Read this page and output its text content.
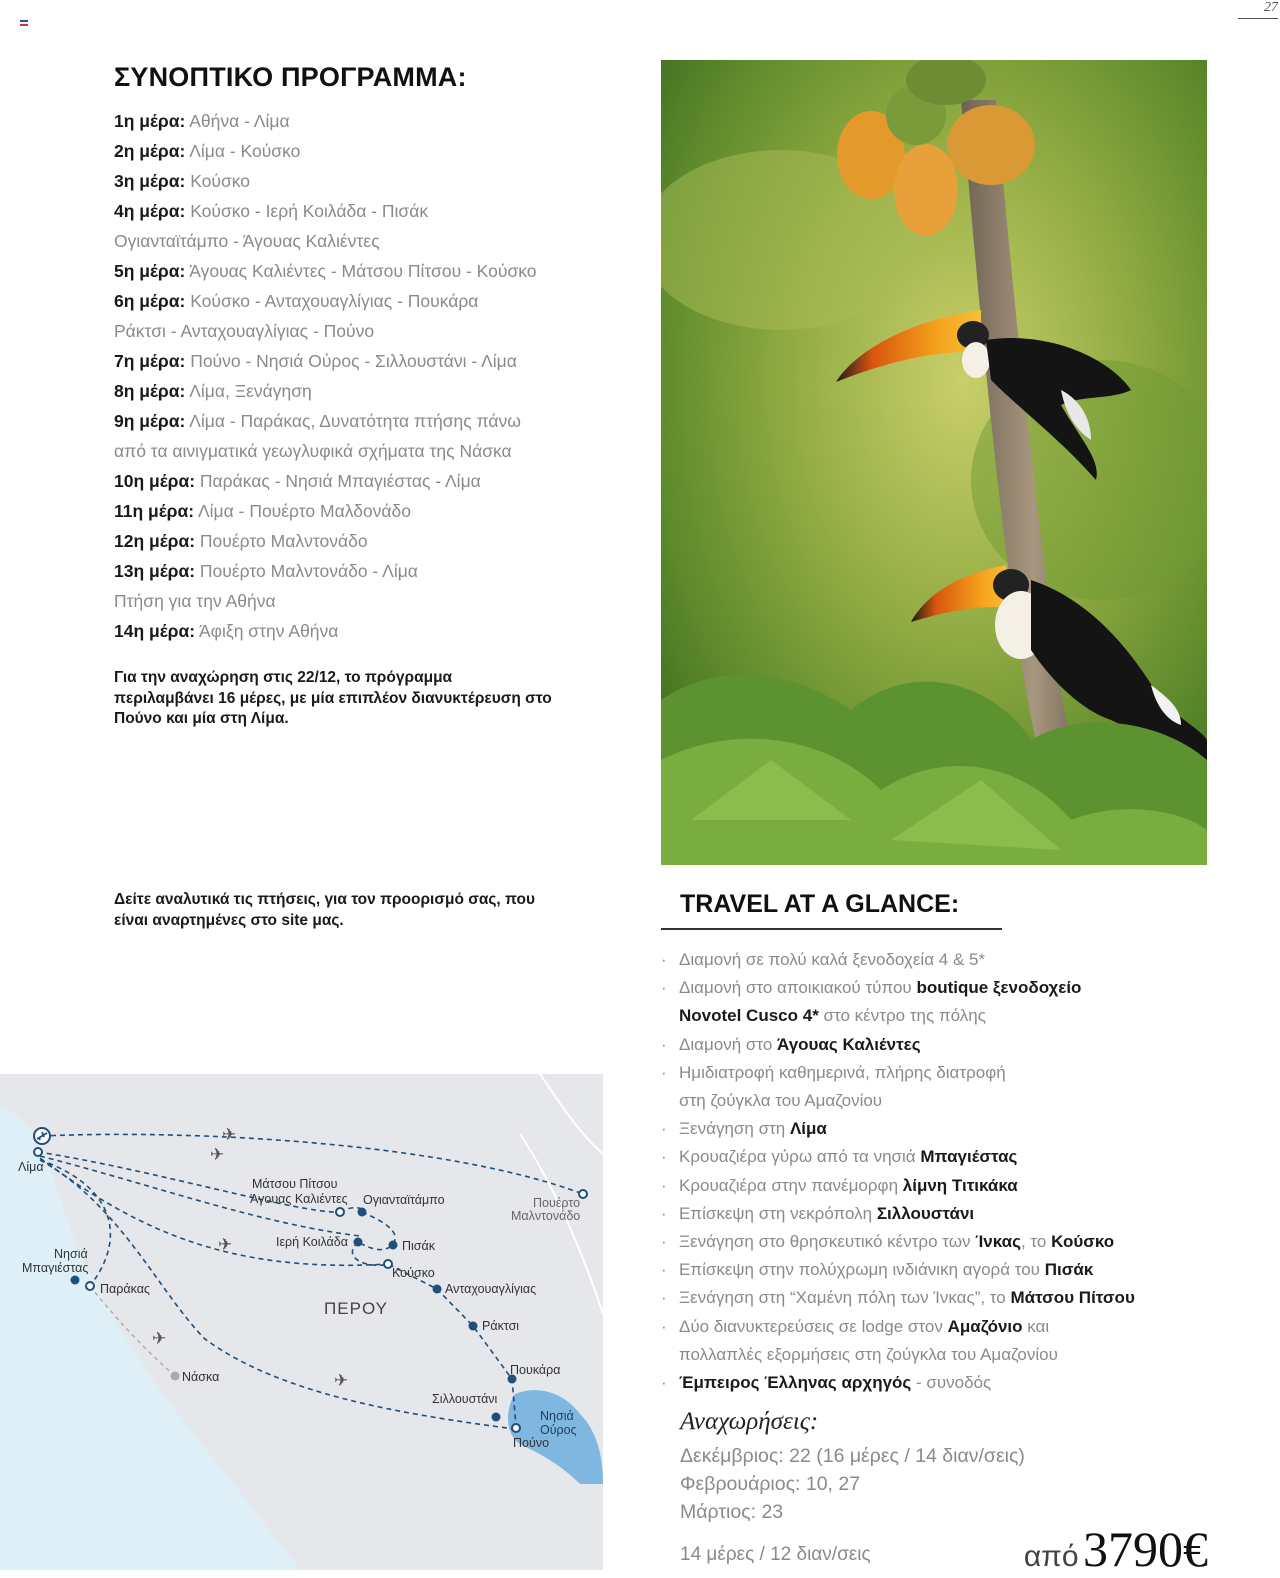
27
ΣΥΝΟΠΤΙΚΟ ΠΡΟΓΡΑΜΜΑ:
1η μέρα: Αθήνα - Λίμα
2η μέρα: Λίμα - Κούσκο
3η μέρα: Κούσκο
4η μέρα: Κούσκο - Ιερή Κοιλάδα - Πισάκ
Ογιανταϊτάμπο - Άγουας Καλιέντες
5η μέρα: Άγουας Καλιέντες - Μάτσου Πίτσου - Κούσκο
6η μέρα: Κούσκο - Ανταχουαγλίγιας - Πουκάρα
Ράκτσι - Ανταχουαγλίγιας - Πούνο
7η μέρα: Πούνο - Νησιά Ούρος - Σιλλουστάνι - Λίμα
8η μέρα: Λίμα, Ξενάγηση
9η μέρα: Λίμα - Παράκας, Δυνατότητα πτήσης πάνω
από τα αινιγματικά γεωγλυφικά σχήματα της Νάσκα
10η μέρα: Παράκας - Νησιά Μπαγιέστας - Λίμα
11η μέρα: Λίμα - Πουέρτο Μαλδονάδο
12η μέρα: Πουέρτο Μαλντονάδο
13η μέρα: Πουέρτο Μαλντονάδο - Λίμα
Πτήση για την Αθήνα
14η μέρα: Άφιξη στην Αθήνα

Για την αναχώρηση στις 22/12, το πρόγραμμα περιλαμβάνει 16 μέρες, με μία επιπλέον διανυκτέρευση στο Πούνο και μία στη Λίμα.

Δείτε αναλυτικά τις πτήσεις, για τον προορισμό σας, που είναι αναρτημένες στο site μας.

TRAVEL AT A GLANCE:
· Διαμονή σε πολύ καλά ξενοδοχεία 4 & 5*
· Διαμονή στο αποικιακού τύπου boutique ξενοδοχείο
Novotel Cusco 4* στο κέντρο της πόλης
· Διαμονή στο Άγουας Καλιέντες
· Ημιδιατροφή καθημερινά, πλήρης διατροφή
στη ζούγκλα του Αμαζονίου
· Ξενάγηση στη Λίμα
· Κρουαζιέρα γύρω από τα νησιά Μπαγιέστας
· Κρουαζιέρα στην πανέμορφη λίμνη Τιτικάκα
· Επίσκεψη στη νεκρόπολη Σιλλουστάνι
· Ξενάγηση στο θρησκευτικό κέντρο των Ίνκας, το Κούσκο
· Επίσκεψη στην πολύχρωμη ινδιάνικη αγορά του Πισάκ
· Ξενάγηση στη “Χαμένη πόλη των Ίνκας”, το Μάτσου Πίτσου
· Δύο διανυκτερεύσεις σε lodge στον Αμαζόνιο και
πολλαπλές εξορμήσεις στη ζούγκλα του Αμαζονίου
· Έμπειρος Έλληνας αρχηγός - συνοδός
Αναχωρήσεις:
Δεκέμβριος: 22 (16 μέρες / 14 διαν/σεις)
Φεβρουάριος: 10, 27
Μάρτιος: 23
14 μέρες / 12 διαν/σεις	από 3790€
✈
✈
✈
✈
✈
Λίμα
Νησιά
Μπαγιέστας
Παράκας
Νάσκα
Μάτσου Πίτσου
Άγουας Καλιέντες Ογιανταϊτάμπο
Ιερή Κοιλάδα	Πισάκ
Κούσκο
Ανταχουαγλίγιας
Ράκτσι
Πουκάρα
Σιλλουστάνι
Πούνο
Νησιά
Ούρος
Πουέρτο
Μαλντονάδο
ΠΕΡΟΥ
